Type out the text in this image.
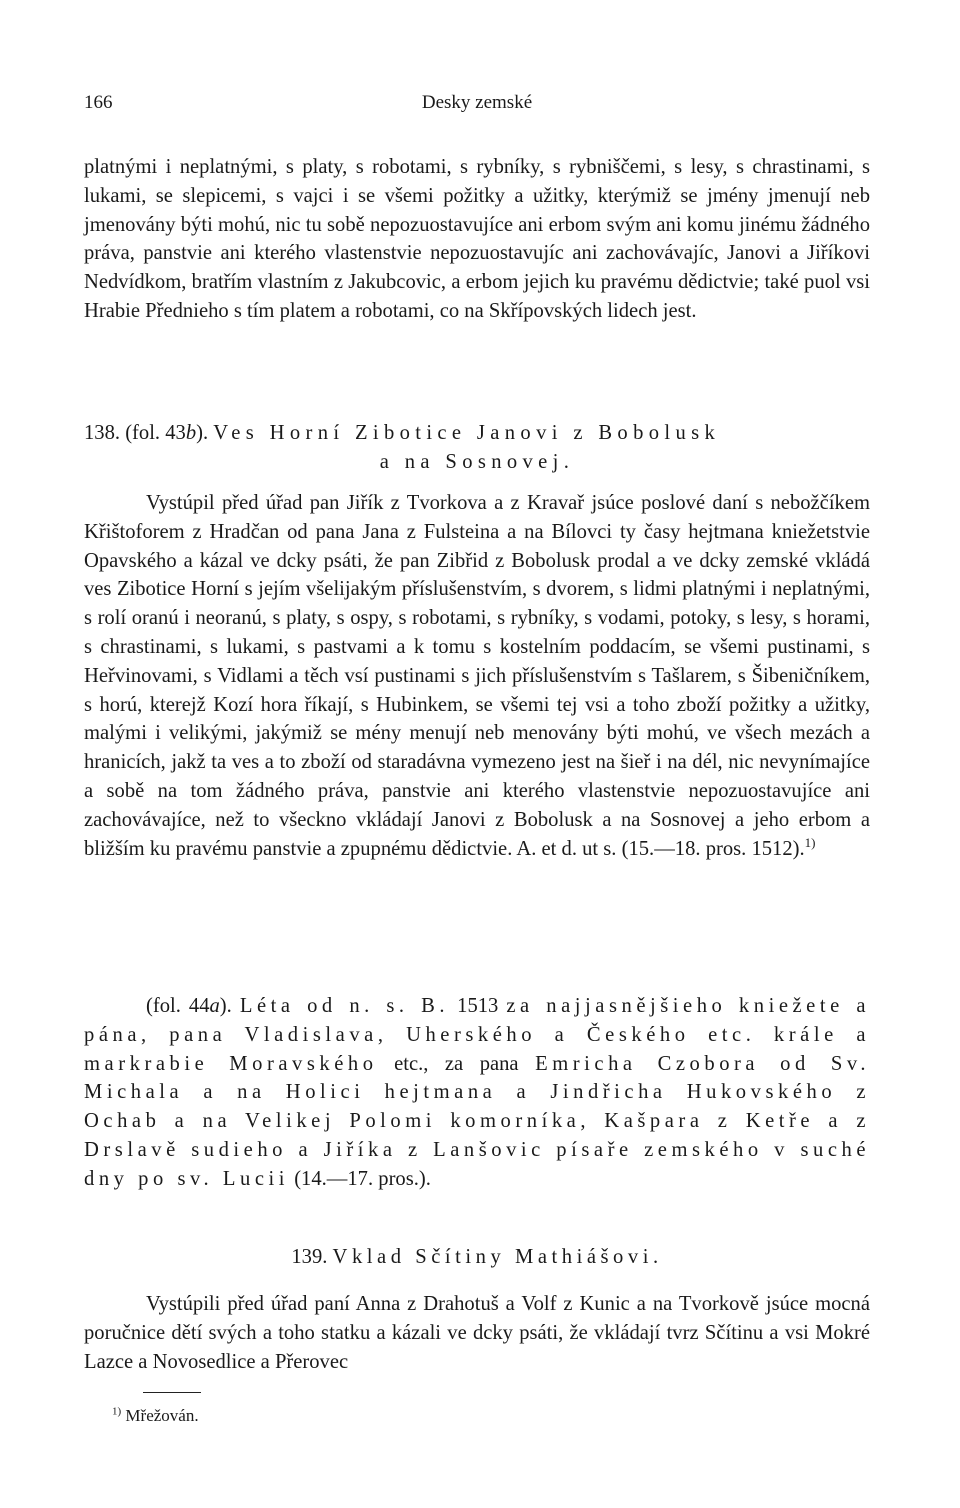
166	Desky zemské

platnými i neplatnými, s platy, s robotami, s rybníky, s rybniščemi, s lesy, s chrastinami, s lukami, se slepicemi, s vajci i se všemi požitky a užitky, kterýmiž se jmény jmenují neb jmenovány býti mohú, nic tu sobě nepozuostavujíce ani erbom svým ani komu jinému žádného práva, panstvie ani kterého vlastenstvie nepozuostavujíc ani zachovávajíc, Janovi a Jiříkovi Nedvídkom, bratřím vlastním z Jakubcovic, a erbom jejich ku pravému dědictvie; také puol vsi Hrabie Přednieho s tím platem a robotami, co na Skřípovských lidech jest.

138. (fol. 43b). Ves Horní Zibotice Janovi z Bobolusk
a na Sosnovej.

Vystúpil před úřad pan Jiřík z Tvorkova a z Kravař jsúce poslové daní s nebožčíkem Křištoforem z Hradčan od pana Jana z Fulsteina a na Bílovci ty časy hejtmana kniežetstvie Opavského a kázal ve dcky psáti, že pan Zibřid z Bobolusk prodal a ve dcky zemské vkládá ves Zibotice Horní s jejím všelijakým příslušenstvím, s dvorem, s lidmi platnými i neplatnými, s rolí oranú i neoranú, s platy, s ospy, s robotami, s rybníky, s vodami, potoky, s lesy, s horami, s chrastinami, s lukami, s pastvami a k tomu s kostelním poddacím, se všemi pustinami, s Heřvinovami, s Vidlami a těch vsí pustinami s jich příslušenstvím s Tašlarem, s Šibeničníkem, s horú, kterejž Kozí hora říkají, s Hubinkem, se všemi tej vsi a toho zboží požitky a užitky, malými i velikými, jakýmiž se mény menují neb menovány býti mohú, ve všech mezách a hranicích, jakž ta ves a to zboží od staradávna vymezeno jest na šieř i na dél, nic nevynímajíce a sobě na tom žádného práva, panstvie ani kterého vlastenstvie nepozuostavujíce ani zachovávajíce, než to všeckno vkládají Janovi z Bobolusk a na Sosnovej a jeho erbom a bližším ku pravému panstvie a zpupnému dědictvie. A. et d. ut s. (15.—18. pros. 1512).$^{1)}$

(fol. 44a). Léta od n. s. B. 1513 za najjasnějšieho kniežete a pána, pana Vladislava, Uherského a Českého etc. krále a markrabie Moravského etc., za pana Emricha Czobora od Sv. Michala a na Holici hejtmana a Jindřicha Hukovského z Ochab a na Velikej Polomi komorníka, Kašpara z Ketře a z Drslavě sudieho a Jiříka z Lanšovic písaře zemského v suché dny po sv. Lucii (14.—17. pros.).

139. Vklad Sčítiny Mathiášovi.

Vystúpili před úřad paní Anna z Drahotuš a Volf z Kunic a na Tvorkově jsúce mocná poručnice dětí svých a toho statku a kázali ve dcky psáti, že vkládají tvrz Sčítinu a vsi Mokré Lazce a Novosedlice a Přerovec

$^{1)}$ Mřežován.
